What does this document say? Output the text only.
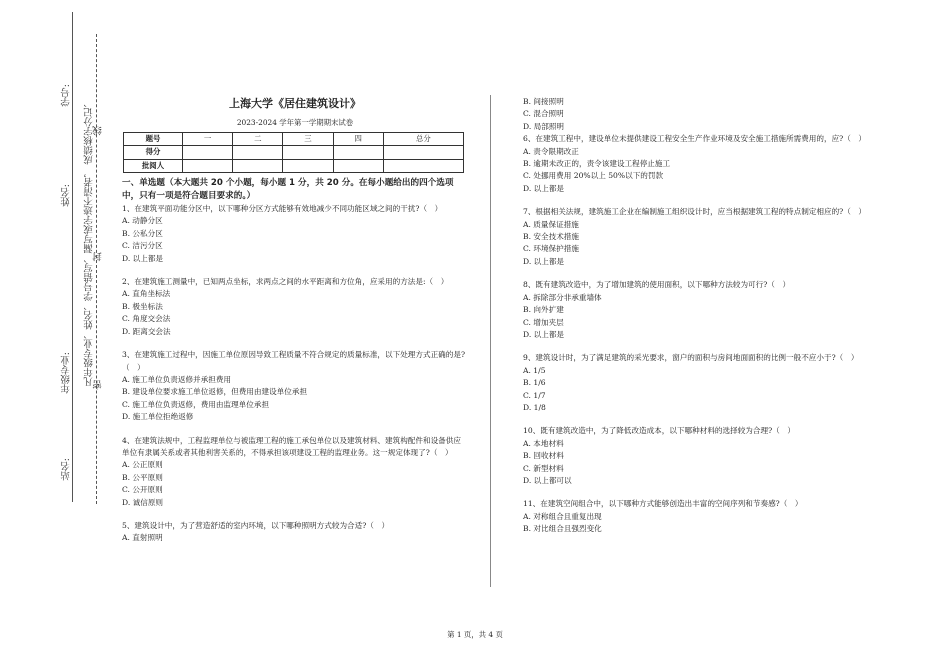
学号:
姓名:
年级专业:
站名:
成绩核字分记、
线
凡年级专业、姓名、学号错写、漏写或字迹不清者，
封
密
上海大学《居住建筑设计》
2023-2024 学年第一学期期末试卷
题号	一	二	三	四	总分
得分					
批阅人					
一、单选题（本大题共 20 个小题，每小题 1 分，共 20 分。在每小题给出的四个选项中，只有一项是符合题目要求的。）
1、在建筑平面功能分区中，以下哪种分区方式能够有效地减少不同功能区域之间的干扰?（　）
A. 动静分区
B. 公私分区
C. 洁污分区
D. 以上都是
2、在建筑施工测量中，已知两点坐标，求两点之间的水平距离和方位角，应采用的方法是:（　）
A. 直角坐标法
B. 极坐标法
C. 角度交会法
D. 距离交会法
3、在建筑施工过程中，因施工单位原因导致工程质量不符合规定的质量标准，以下处理方式正确的是?（　）
A. 施工单位负责返修并承担费用
B. 建设单位要求施工单位返修，但费用由建设单位承担
C. 施工单位负责返修，费用由监理单位承担
D. 施工单位拒绝返修
4、在建筑法规中，工程监理单位与被监理工程的施工承包单位以及建筑材料、建筑构配件和设备供应单位有隶属关系或者其他利害关系的，不得承担该项建设工程的监理业务。这一规定体现了?（　）
A. 公正原则
B. 公平原则
C. 公开原则
D. 诚信原则
5、建筑设计中，为了营造舒适的室内环境，以下哪种照明方式较为合适?（　）
A. 直射照明
B. 间接照明
C. 混合照明
D. 局部照明
6、在建筑工程中，建设单位未提供建设工程安全生产作业环境及安全施工措施所需费用的，应?（　）
A. 责令限期改正
B. 逾期未改正的，责令该建设工程停止施工
C. 处挪用费用 20%以上 50%以下的罚款
D. 以上都是
7、根据相关法规，建筑施工企业在编制施工组织设计时，应当根据建筑工程的特点制定相应的?（　）
A. 质量保证措施
B. 安全技术措施
C. 环境保护措施
D. 以上都是
8、既有建筑改造中，为了增加建筑的使用面积，以下哪种方法较为可行?（　）
A. 拆除部分非承重墙体
B. 向外扩建
C. 增加夹层
D. 以上都是
9、建筑设计时，为了满足建筑的采光要求，窗户的面积与房间地面面积的比例一般不应小于?（　）
A. 1/5
B. 1/6
C. 1/7
D. 1/8
10、既有建筑改造中，为了降低改造成本，以下哪种材料的选择较为合理?（　）
A. 本地材料
B. 回收材料
C. 新型材料
D. 以上都可以
11、在建筑空间组合中，以下哪种方式能够创造出丰富的空间序列和节奏感?（　）
A. 对称组合且重复出现
B. 对比组合且强烈变化
第 1 页，共 4 页
